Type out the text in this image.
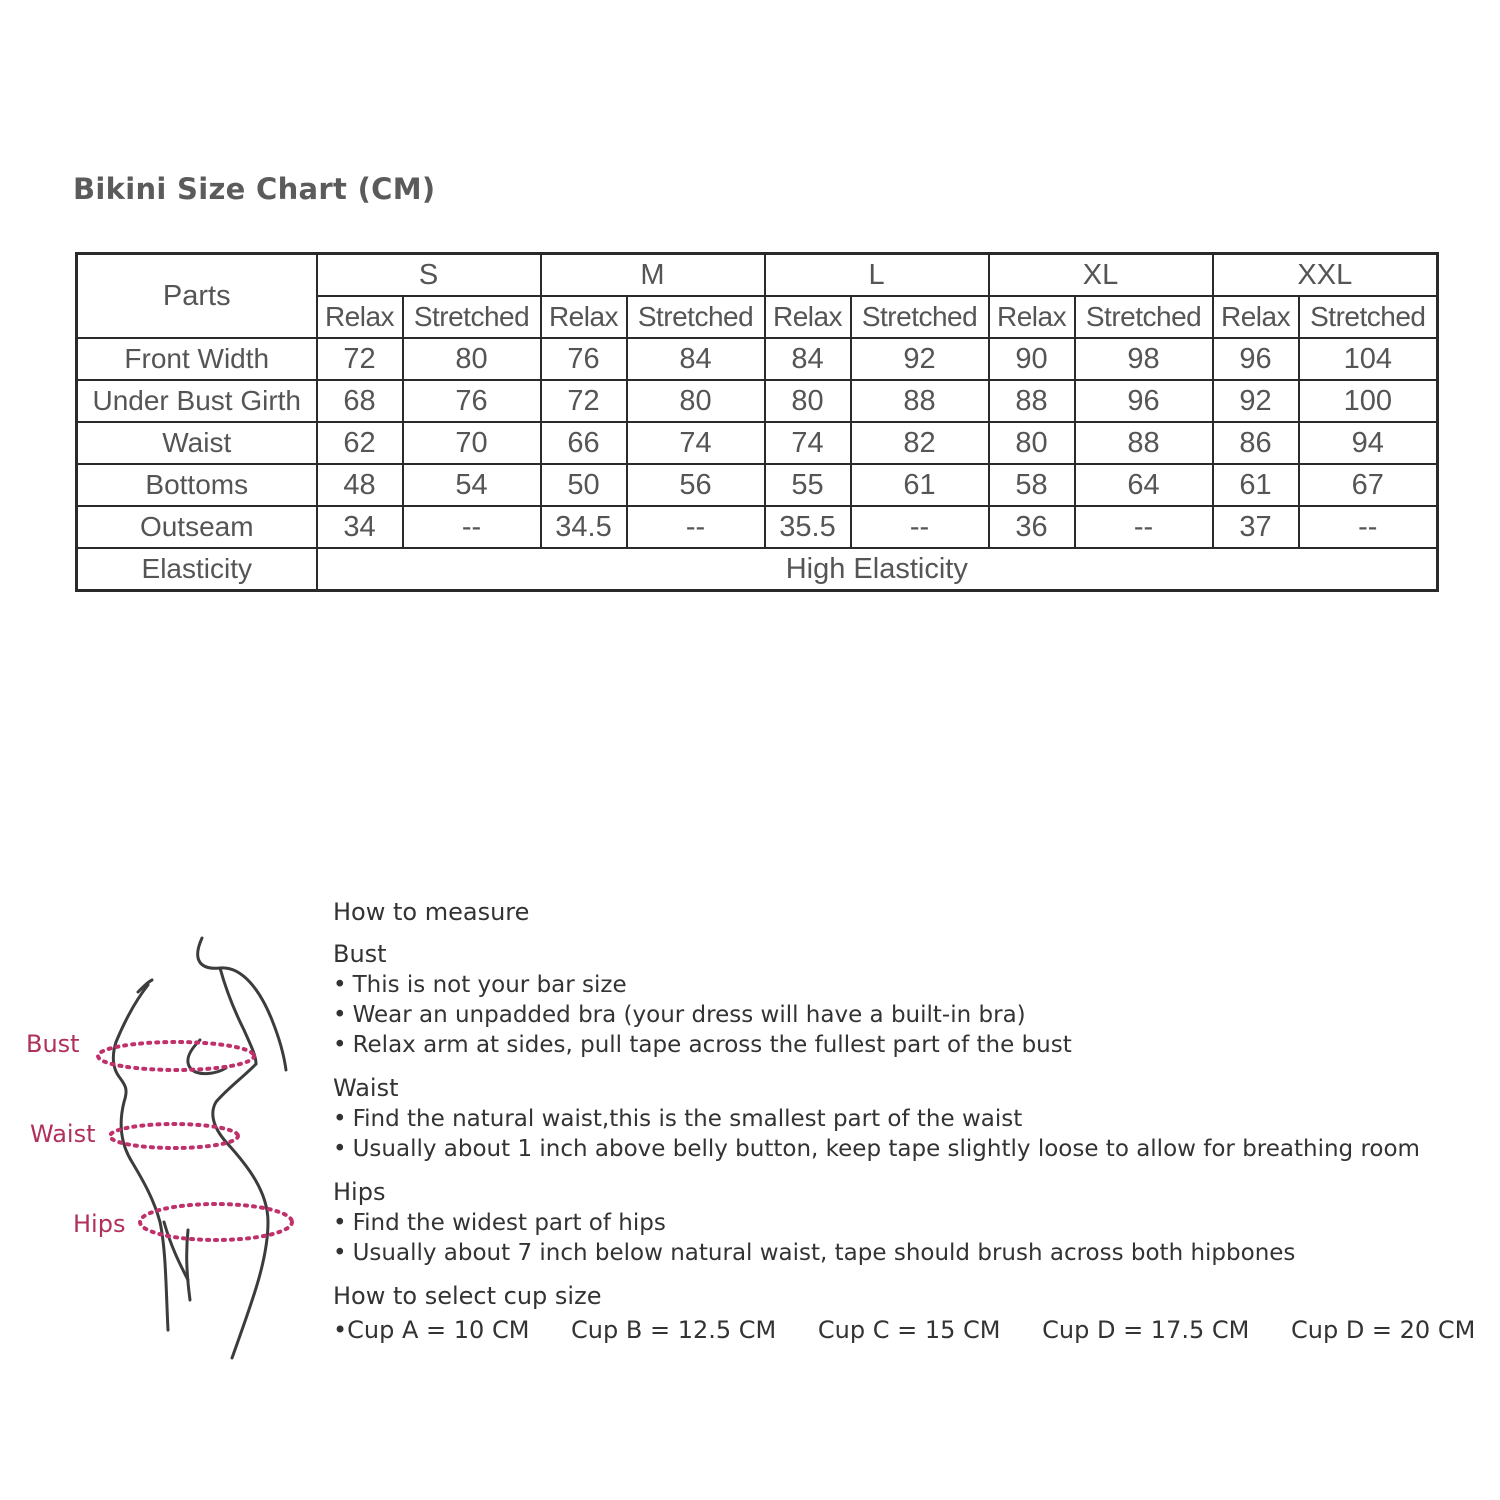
Bikini Size Chart (CM)
Parts	S		M		L		XL		XXL	
	Relax	Stretched	Relax	Stretched	Relax	Stretched	Relax	Stretched	Relax	Stretched
Front Width	72	80	76	84	84	92	90	98	96	104
Under Bust Girth	68	76	72	80	80	88	88	96	92	100
Waist	62	70	66	74	74	82	80	88	86	94
Bottoms	48	54	50	56	55	61	58	64	61	67
Outseam	34	--	34.5	--	35.5	--	36	--	37	--
Elasticity	High Elasticity									
Bust
Waist
Hips
How to measure
Bust
• This is not your bar size
• Wear an unpadded bra (your dress will have a built-in bra)
• Relax arm at sides, pull tape across the fullest part of the bust
Waist
• Find the natural waist,this is the smallest part of the waist
• Usually about 1 inch above belly button, keep tape slightly loose to allow for breathing room
Hips
• Find the widest part of hips
• Usually about 7 inch below natural waist, tape should brush across both hipbones
How to select cup size
• Cup A = 10 CM Cup B = 12.5 CM Cup C = 15 CM Cup D = 17.5 CM Cup D = 20 CM
